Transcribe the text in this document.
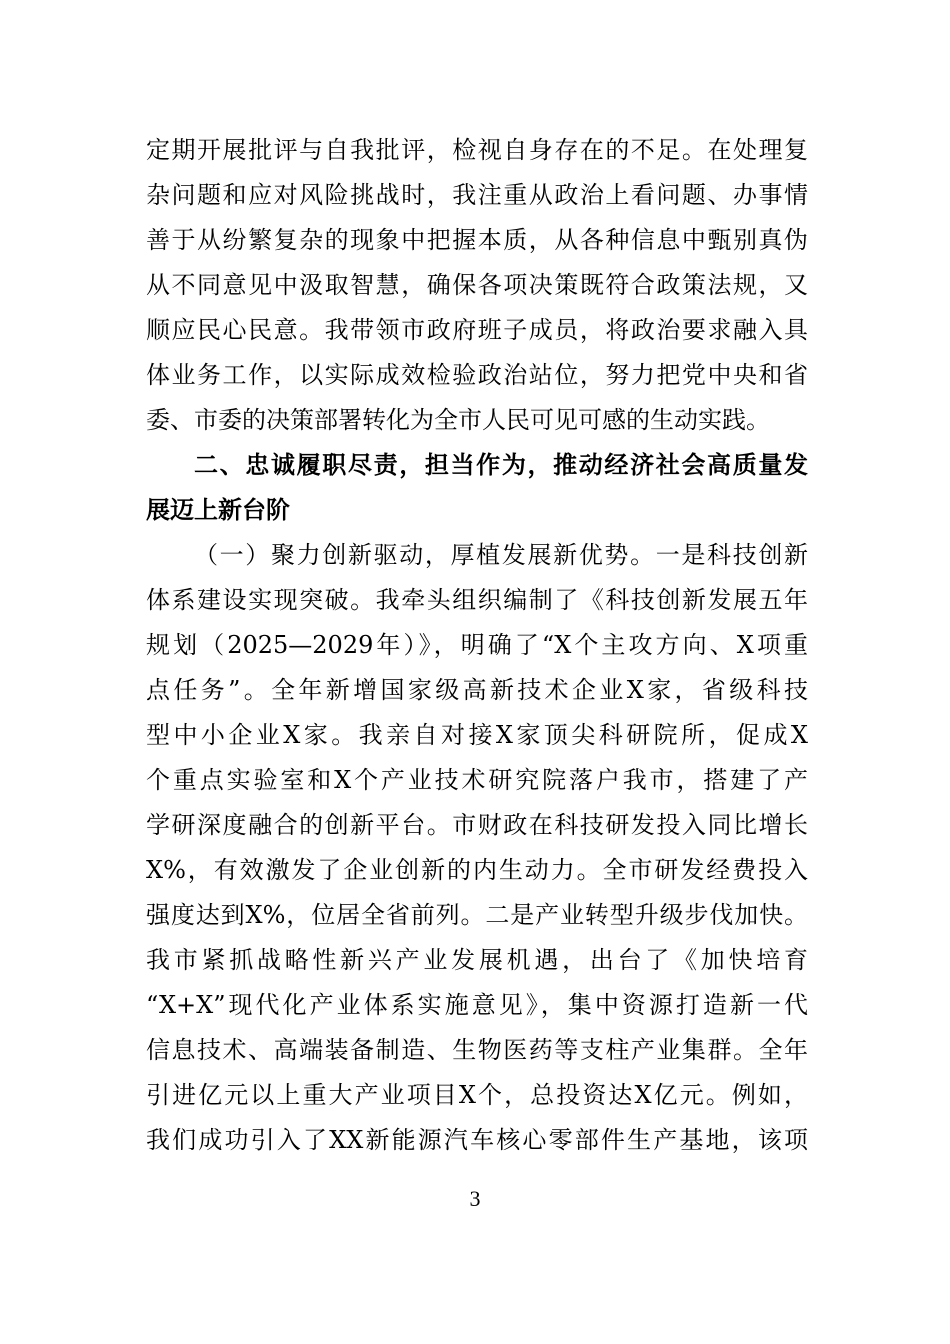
定期开展批评与自我批评，检视自身存在的不足。在处理复
杂问题和应对风险挑战时，我注重从政治上看问题、办事情
善于从纷繁复杂的现象中把握本质，从各种信息中甄别真伪
从不同意见中汲取智慧，确保各项决策既符合政策法规，又
顺应民心民意。我带领市政府班子成员，将政治要求融入具
体业务工作，以实际成效检验政治站位，努力把党中央和省
委、市委的决策部署转化为全市人民可见可感的生动实践。
二、忠诚履职尽责，担当作为，推动经济社会高质量发
展迈上新台阶
（一）聚力创新驱动，厚植发展新优势。一是科技创新
体系建设实现突破。我牵头组织编制了《科技创新发展五年
规划（2025—2029年）》，明确了“X个主攻方向、X项重
点任务”。全年新增国家级高新技术企业X家，省级科技
型中小企业X家。我亲自对接X家顶尖科研院所，促成X
个重点实验室和X个产业技术研究院落户我市，搭建了产
学研深度融合的创新平台。市财政在科技研发投入同比增长
X%，有效激发了企业创新的内生动力。全市研发经费投入
强度达到X%，位居全省前列。二是产业转型升级步伐加快。
我市紧抓战略性新兴产业发展机遇，出台了《加快培育
“X+X”现代化产业体系实施意见》，集中资源打造新一代
信息技术、高端装备制造、生物医药等支柱产业集群。全年
引进亿元以上重大产业项目X个，总投资达X亿元。例如，
我们成功引入了XX新能源汽车核心零部件生产基地，该项
3
